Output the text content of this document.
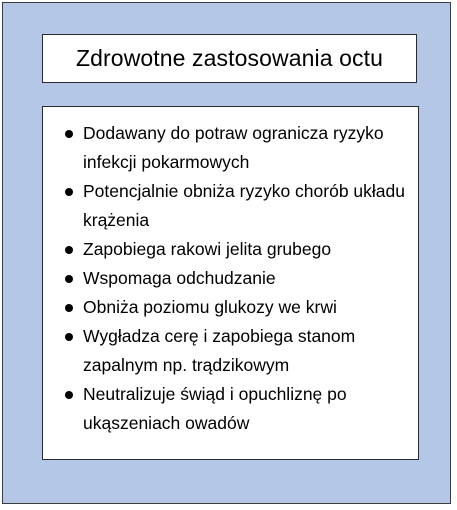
Zdrowotne zastosowania octu
Dodawany do potraw ogranicza ryzyko infekcji pokarmowych
Potencjalnie obniża ryzyko chorób układu krążenia
Zapobiega rakowi jelita grubego
Wspomaga odchudzanie
Obniża poziomu glukozy we krwi
Wygładza cerę i zapobiega stanom zapalnym np. trądzikowym
Neutralizuje świąd i opuchliznę po ukąszeniach owadów
